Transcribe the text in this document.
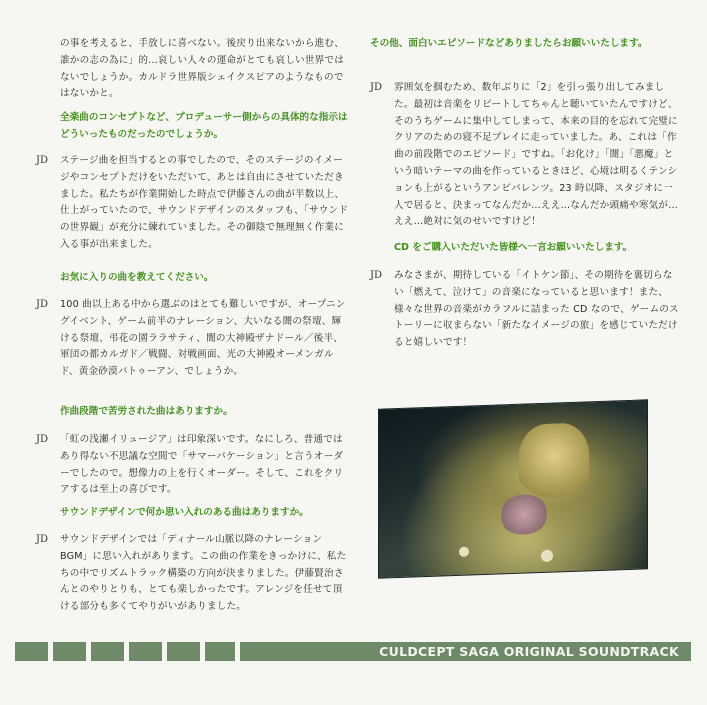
の事を考えると、手放しに喜べない。後戻り出来ないから進む、誰かの志の為に」的…哀しい人々の運命がとても哀しい世界ではないでしょうか。カルドラ世界版シェイクスピアのようなものではないかと。
全楽曲のコンセプトなど、プロデューサー側からの具体的な指示はどういったものだったのでしょうか。
JD	ステージ曲を担当するとの事でしたので、そのステージのイメージやコンセプトだけをいただいて、あとは自由にさせていただきました。私たちが作業開始した時点で伊藤さんの曲が半数以上、仕上がっていたので、サウンドデザインのスタッフも、「サウンドの世界観」が充分に練れていました。その御陰で無理無く作業に入る事が出来ました。
お気に入りの曲を教えてください。
JD	100 曲以上ある中から選ぶのはとても難しいですが、オープニングイベント、ゲーム前半のナレーション、大いなる闇の祭壇、輝ける祭壇、弔花の園ララサティ、闇の大神殿ザナドール／後半、軍団の都カルガド／戦闘、対戦画面、光の大神殿オーメンガルド、黄金砂漠バトゥーアン、でしょうか。
作曲段階で苦労された曲はありますか。
JD	「虹の浅瀬イリュージア」は印象深いです。なにしろ、普通ではあり得ない不思議な空間で「サマーバケーション」と言うオーダーでしたので。想像力の上を行くオーダー。そして、これをクリアするは至上の喜びです。
サウンドデザインで何か思い入れのある曲はありますか。
JD	サウンドデザインでは「ディナール山脈以降のナレーション BGM」に思い入れがあります。この曲の作業をきっかけに、私たちの中でリズムトラック構築の方向が決まりました。伊藤賢治さんとのやりとりも、とても楽しかったです。アレンジを任せて頂ける部分も多くてやりがいがありました。
その他、面白いエピソードなどありましたらお願いいたします。
JD	雰囲気を掴むため、数年ぶりに「2」を引っ張り出してみました。最初は音楽をリピートしてちゃんと聴いていたんですけど、そのうちゲームに集中してしまって、本来の目的を忘れて完璧にクリアのための寝不足プレイに走っていました。あ、これは「作曲の前段階でのエピソード」ですね。「お化け」「闇」「悪魔」という暗いテーマの曲を作っているときほど、心境は明るくテンションも上がるというアンビバレンツ。23 時以降、スタジオに一人で居ると、決まってなんだか…ええ…なんだか頭痛や寒気が…ええ…絶対に気のせいですけど！
CD をご購入いただいた皆様へ一言お願いいたします。
JD	みなさまが、期待している「イトケン節」、その期待を裏切らない「燃えて、泣けて」の音楽になっていると思います！また、様々な世界の音楽がカラフルに詰まった CD なので、ゲームのストーリーに収まらない「新たなイメージの旅」を感じていただけると嬉しいです！
CULDCEPT SAGA ORIGINAL SOUNDTRACK
